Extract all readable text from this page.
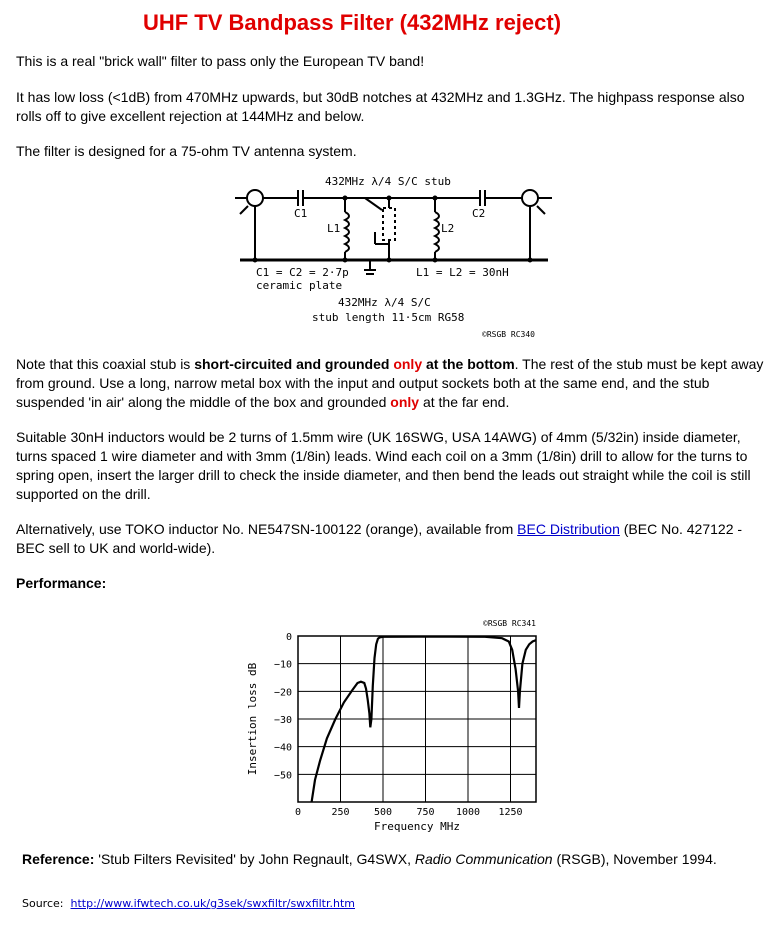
UHF TV Bandpass Filter (432MHz reject)
This is a real "brick wall" filter to pass only the European TV band!
It has low loss (<1dB) from 470MHz upwards, but 30dB notches at 432MHz and 1.3GHz. The highpass response also rolls off to give excellent rejection at 144MHz and below.
The filter is designed for a 75-ohm TV antenna system.
432MHz λ/4 S/C stub
C1	C2
L1	L2
C1 = C2 = 2·7p
ceramic plate
L1 = L2 = 30nH
432MHz λ/4 S/C
stub length 11·5cm RG58
©RSGB RC340
Note that this coaxial stub is short-circuited and grounded only at the bottom. The rest of the stub must be kept away from ground. Use a long, narrow metal box with the input and output sockets both at the same end, and the stub suspended 'in air' along the middle of the box and grounded only at the far end.
Suitable 30nH inductors would be 2 turns of 1.5mm wire (UK 16SWG, USA 14AWG) of 4mm (5/32in) inside diameter, turns spaced 1 wire diameter and with 3mm (1/8in) leads. Wind each coil on a 3mm (1/8in) drill to allow for the turns to spring open, insert the larger drill to check the inside diameter, and then bend the leads out straight while the coil is still supported on the drill.
Alternatively, use TOKO inductor No. NE547SN-100122 (orange), available from BEC Distribution (BEC No. 427122 - BEC sell to UK and world-wide).
Performance:
0	250 500 750 1000 1250
0
−10
−20
−30
−40
−50
©RSGB RC341
Frequency MHz
Insertion loss dB
Reference: 'Stub Filters Revisited' by John Regnault, G4SWX, Radio Communication (RSGB), November 1994.
Source: http://www.ifwtech.co.uk/g3sek/swxfiltr/swxfiltr.htm
